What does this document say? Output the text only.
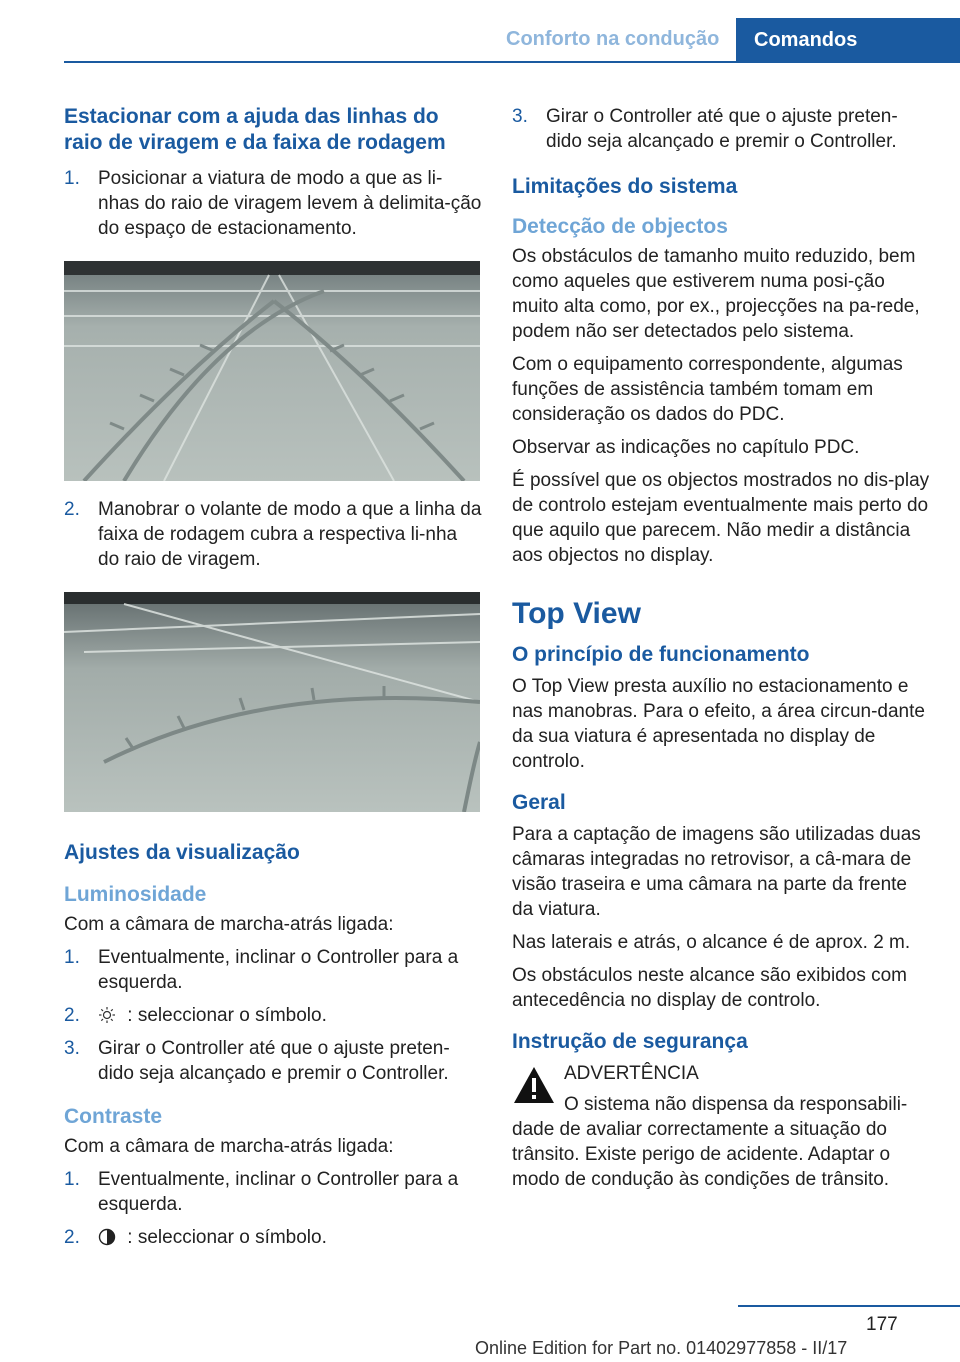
Conforto na condução	Comandos
Estacionar com a ajuda das linhas do raio de viragem e da faixa de rodagem
1. Posicionar a viatura de modo a que as li‐nhas do raio de viragem levem à delimita‐ção do espaço de estacionamento.
2. Manobrar o volante de modo a que a linha da faixa de rodagem cubra a respectiva li‐nha do raio de viragem.
Ajustes da visualização
Luminosidade

Com a câmara de marcha-atrás ligada:

1. Eventualmente, inclinar o Controller para a esquerda.
2. : seleccionar o símbolo.
3. Girar o Controller até que o ajuste preten‐dido seja alcançado e premir o Controller.
Contraste

Com a câmara de marcha-atrás ligada:

1. Eventualmente, inclinar o Controller para a esquerda.
2. : seleccionar o símbolo.
3. Girar o Controller até que o ajuste preten‐dido seja alcançado e premir o Controller.
Limitações do sistema
Detecção de objectos

Os obstáculos de tamanho muito reduzido, bem como aqueles que estiverem numa posi‐ção muito alta como, por ex., projecções na pa‐rede, podem não ser detectados pelo sistema.

Com o equipamento correspondente, algumas funções de assistência também tomam em consideração os dados do PDC.

Observar as indicações no capítulo PDC.

É possível que os objectos mostrados no dis‐play de controlo estejam eventualmente mais perto do que aquilo que parecem. Não medir a distância aos objectos no display.

Top View
O princípio de funcionamento

O Top View presta auxílio no estacionamento e nas manobras. Para o efeito, a área circun‐dante da sua viatura é apresentada no display de controlo.

Geral

Para a captação de imagens são utilizadas duas câmaras integradas no retrovisor, a câ‐mara de visão traseira e uma câmara na parte da frente da viatura.

Nas laterais e atrás, o alcance é de aprox. 2 m.

Os obstáculos neste alcance são exibidos com antecedência no display de controlo.

Instrução de segurança
ADVERTÊNCIA

O sistema não dispensa da responsabili‐dade de avaliar correctamente a situação do trânsito. Existe perigo de acidente. Adaptar o modo de condução às condições de trânsito.

177
Online Edition for Part no. 01402977858 - II/17
